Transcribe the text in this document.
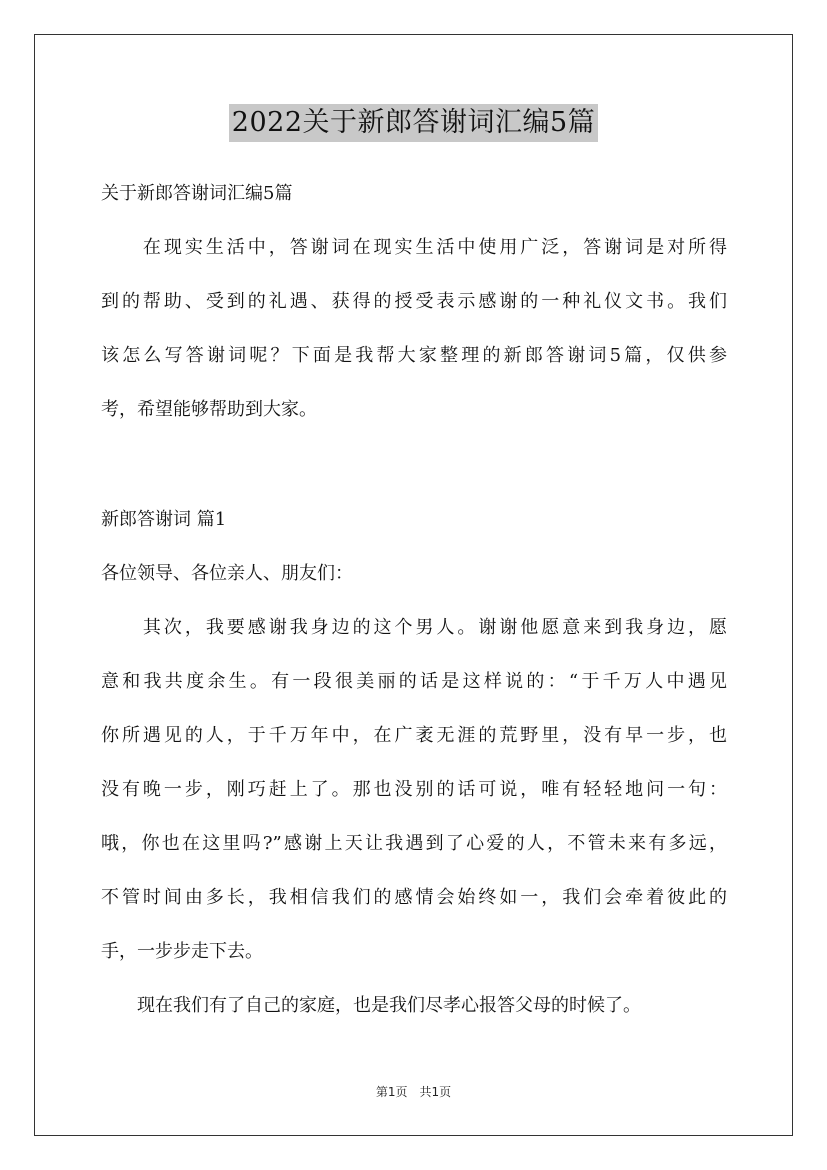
2022关于新郎答谢词汇编5篇
关于新郎答谢词汇编5篇
　　在现实生活中，答谢词在现实生活中使用广泛，答谢词是对所得
到的帮助、受到的礼遇、获得的授受表示感谢的一种礼仪文书。我们
该怎么写答谢词呢？下面是我帮大家整理的新郎答谢词5篇，仅供参
考，希望能够帮助到大家。
新郎答谢词 篇1
各位领导、各位亲人、朋友们：
　　其次，我要感谢我身边的这个男人。谢谢他愿意来到我身边，愿
意和我共度余生。有一段很美丽的话是这样说的：“于千万人中遇见
你所遇见的人，于千万年中，在广袤无涯的荒野里，没有早一步，也
没有晚一步，刚巧赶上了。那也没别的话可说，唯有轻轻地问一句：
哦，你也在这里吗?”感谢上天让我遇到了心爱的人，不管未来有多远，
不管时间由多长，我相信我们的感情会始终如一，我们会牵着彼此的
手，一步步走下去。
　　现在我们有了自己的家庭，也是我们尽孝心报答父母的时候了。
第1页　共1页
